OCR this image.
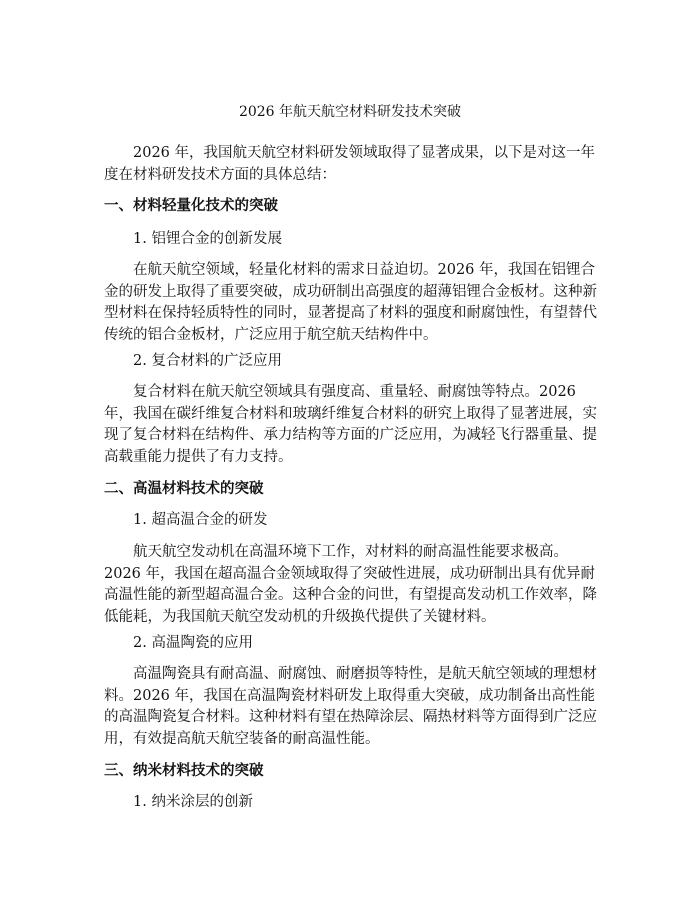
2026 年航天航空材料研发技术突破

2026 年，我国航天航空材料研发领域取得了显著成果，以下是对这一年度在材料研发技术方面的具体总结：

一、材料轻量化技术的突破

1. 铝锂合金的创新发展

在航天航空领域，轻量化材料的需求日益迫切。2026 年，我国在铝锂合金的研发上取得了重要突破，成功研制出高强度的超薄铝锂合金板材。这种新型材料在保持轻质特性的同时，显著提高了材料的强度和耐腐蚀性，有望替代传统的铝合金板材，广泛应用于航空航天结构件中。

2. 复合材料的广泛应用

复合材料在航天航空领域具有强度高、重量轻、耐腐蚀等特点。2026 年，我国在碳纤维复合材料和玻璃纤维复合材料的研究上取得了显著进展，实现了复合材料在结构件、承力结构等方面的广泛应用，为减轻飞行器重量、提高载重能力提供了有力支持。

二、高温材料技术的突破

1. 超高温合金的研发

航天航空发动机在高温环境下工作，对材料的耐高温性能要求极高。2026 年，我国在超高温合金领域取得了突破性进展，成功研制出具有优异耐高温性能的新型超高温合金。这种合金的问世，有望提高发动机工作效率，降低能耗，为我国航天航空发动机的升级换代提供了关键材料。

2. 高温陶瓷的应用

高温陶瓷具有耐高温、耐腐蚀、耐磨损等特性，是航天航空领域的理想材料。2026 年，我国在高温陶瓷材料研发上取得重大突破，成功制备出高性能的高温陶瓷复合材料。这种材料有望在热障涂层、隔热材料等方面得到广泛应用，有效提高航天航空装备的耐高温性能。

三、纳米材料技术的突破

1. 纳米涂层的创新
